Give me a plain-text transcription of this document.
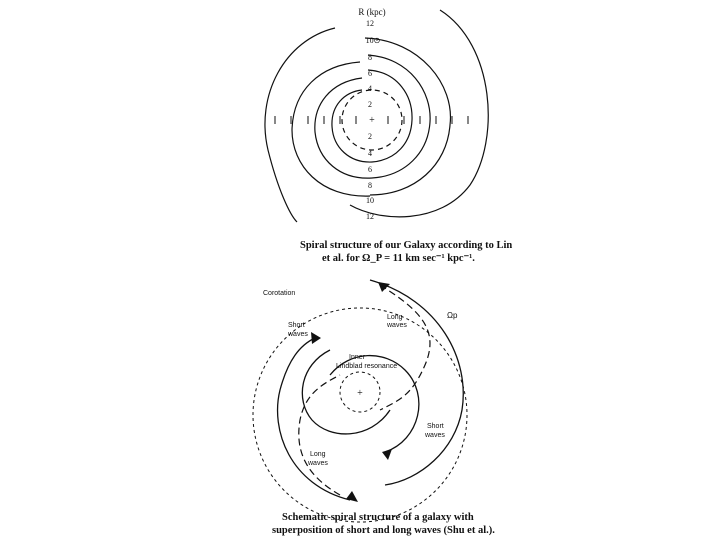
R (kpc)
12
10⊙
8
6
4
2
+
2
4
6
8
10
12
Spiral structure of our Galaxy according to Lin
et al. for Ω_P = 11 km sec⁻¹ kpc⁻¹.
+
Corotation
Ωp
Long
waves
Short
waves
Inner
Lindblad resonance
Short
waves
Long
waves
Schematic spiral structure of a galaxy with
superposition of short and long waves (Shu et al.).
